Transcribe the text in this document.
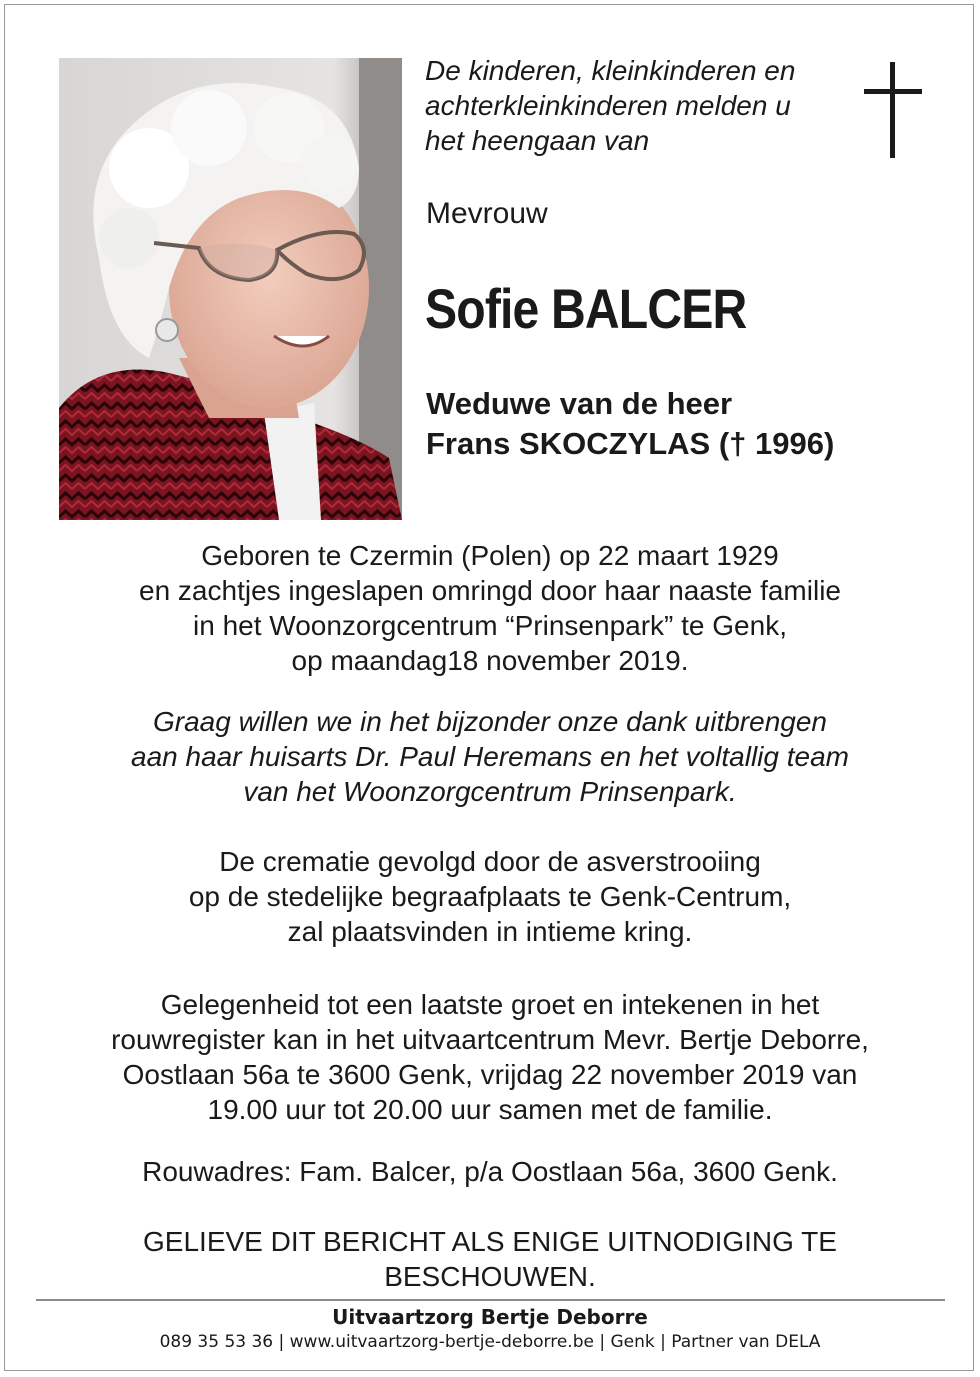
De kinderen, kleinkinderen en
achterkleinkinderen melden u
het heengaan van
Mevrouw
Sofie BALCER
Weduwe van de heer
Frans SKOCZYLAS († 1996)
Geboren te Czermin (Polen) op 22 maart 1929
en zachtjes ingeslapen omringd door haar naaste familie
in het Woonzorgcentrum “Prinsenpark” te Genk,
op maandag18 november 2019.
Graag willen we in het bijzonder onze dank uitbrengen
aan haar huisarts Dr. Paul Heremans en het voltallig team
van het Woonzorgcentrum Prinsenpark.
De crematie gevolgd door de asverstrooiing
op de stedelijke begraafplaats te Genk-Centrum,
zal plaatsvinden in intieme kring.
Gelegenheid tot een laatste groet en intekenen in het
rouwregister kan in het uitvaartcentrum Mevr. Bertje Deborre,
Oostlaan 56a te 3600 Genk, vrijdag 22 november 2019 van
19.00 uur tot 20.00 uur samen met de familie.
Rouwadres: Fam. Balcer, p/a Oostlaan 56a, 3600 Genk.
GELIEVE DIT BERICHT ALS ENIGE UITNODIGING TE
BESCHOUWEN.
Uitvaartzorg Bertje Deborre
089 35 53 36 | www.uitvaartzorg-bertje-deborre.be | Genk | Partner van DELA
